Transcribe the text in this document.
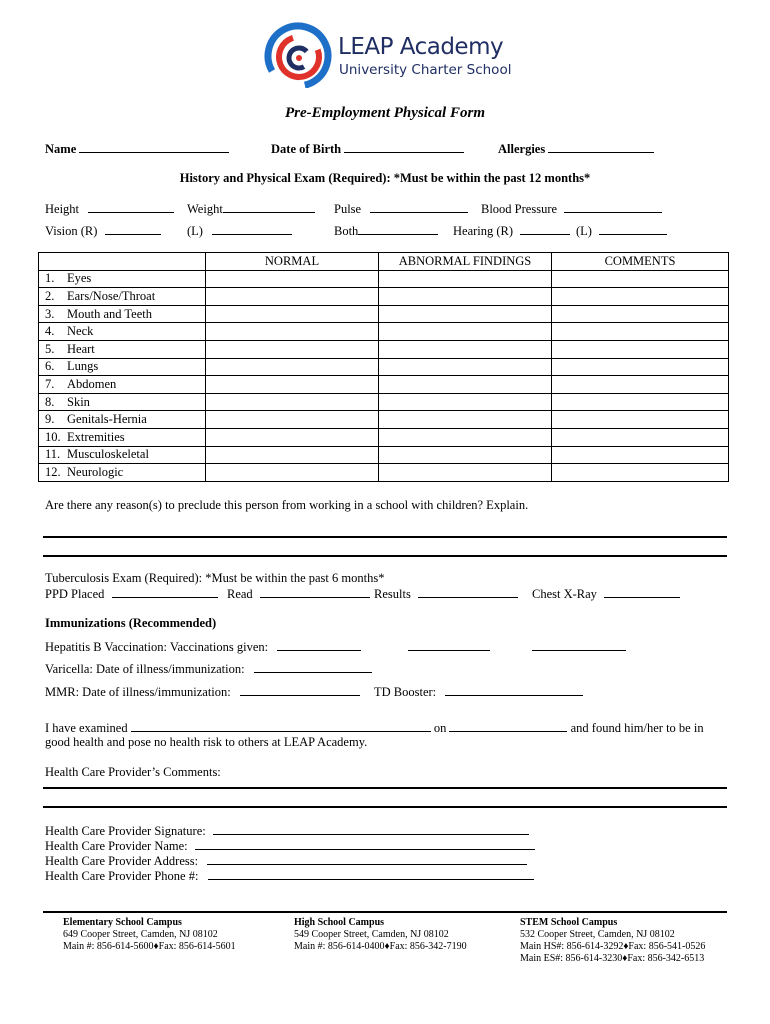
LEAP Academy
University Charter School
Pre-Employment Physical Form
Name	Date of Birth	Allergies
History and Physical Exam (Required): *Must be within the past 12 months*
Height	Weight	Pulse	Blood Pressure
Vision (R)	(L)	Both	Hearing (R)	(L)
	NORMAL	ABNORMAL FINDINGS	COMMENTS
1. Eyes			
2. Ears/Nose/Throat			
3. Mouth and Teeth			
4. Neck			
5. Heart			
6. Lungs			
7. Abdomen			
8. Skin			
9. Genitals-Hernia			
10. Extremities			
11. Musculoskeletal			
12. Neurologic			
Are there any reason(s) to preclude this person from working in a school with children? Explain.
Tuberculosis Exam (Required): *Must be within the past 6 months*
PPD Placed	Read	Results	Chest X-Ray
Immunizations (Recommended)
Hepatitis B Vaccination: Vaccinations given:
Varicella: Date of illness/immunization:
MMR: Date of illness/immunization:	TD Booster:
I have examined	on	and found him/her to be in
good health and pose no health risk to others at LEAP Academy.
Health Care Provider’s Comments:
Health Care Provider Signature:
Health Care Provider Name:
Health Care Provider Address:
Health Care Provider Phone #:
Elementary School Campus
649 Cooper Street, Camden, NJ 08102
Main #: 856-614-5600♦Fax: 856-614-5601
High School Campus
549 Cooper Street, Camden, NJ 08102
Main #: 856-614-0400♦Fax: 856-342-7190
STEM School Campus
532 Cooper Street, Camden, NJ 08102
Main HS#: 856-614-3292♦Fax: 856-541-0526
Main ES#: 856-614-3230♦Fax: 856-342-6513
